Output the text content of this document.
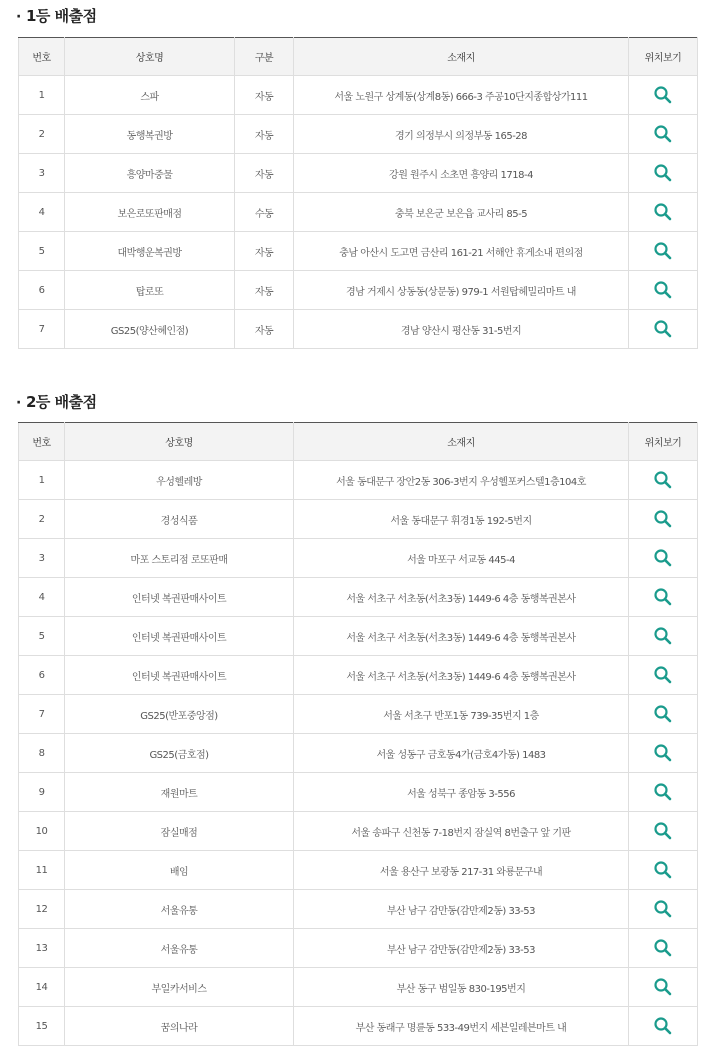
· 1등 배출점
번호	상호명	구분	소재지	위치보기
1	스파	자동	서울 노원구 상계동(상계8동) 666-3 주공10단지종합상가111	
2	동행복권방	자동	경기 의정부시 의정부동 165-28	
3	흥양마중물	자동	강원 원주시 소초면 흥양리 1718-4	
4	보은로또판매점	수동	충북 보은군 보은읍 교사리 85-5	
5	대박행운복권방	자동	충남 아산시 도고면 금산리 161-21 서해안 휴게소내 편의점	
6	탑로또	자동	경남 거제시 상동동(상문동) 979-1 서원탑헤밀리마트 내	
7	GS25(양산혜인점)	자동	경남 양산시 평산동 31-5번지	
· 2등 배출점
번호	상호명	소재지	위치보기
1	우성헬레방	서울 동대문구 장안2동 306-3번지 우성헬포커스텔1층104호	
2	경성식품	서울 동대문구 휘경1동 192-5번지	
3	마포 스토리점 로또판매	서울 마포구 서교동 445-4	
4	인터넷 복권판매사이트	서울 서초구 서초동(서초3동) 1449-6 4층 동행복권본사	
5	인터넷 복권판매사이트	서울 서초구 서초동(서초3동) 1449-6 4층 동행복권본사	
6	인터넷 복권판매사이트	서울 서초구 서초동(서초3동) 1449-6 4층 동행복권본사	
7	GS25(반포중앙점)	서울 서초구 반포1동 739-35번지 1층	
8	GS25(금호점)	서울 성동구 금호동4가(금호4가동) 1483	
9	재원마트	서울 성북구 종암동 3-556	
10	잠실매점	서울 송파구 신천동 7-18번지 잠실역 8번출구 앞 기판	
11	배임	서울 용산구 보광동 217-31 와룡문구내	
12	서울유통	부산 남구 감만동(감만제2동) 33-53	
13	서울유통	부산 남구 감만동(감만제2동) 33-53	
14	부일카서비스	부산 동구 범일동 830-195번지	
15	꿈의나라	부산 동래구 명륜동 533-49번지 세븐일레븐마트 내	
